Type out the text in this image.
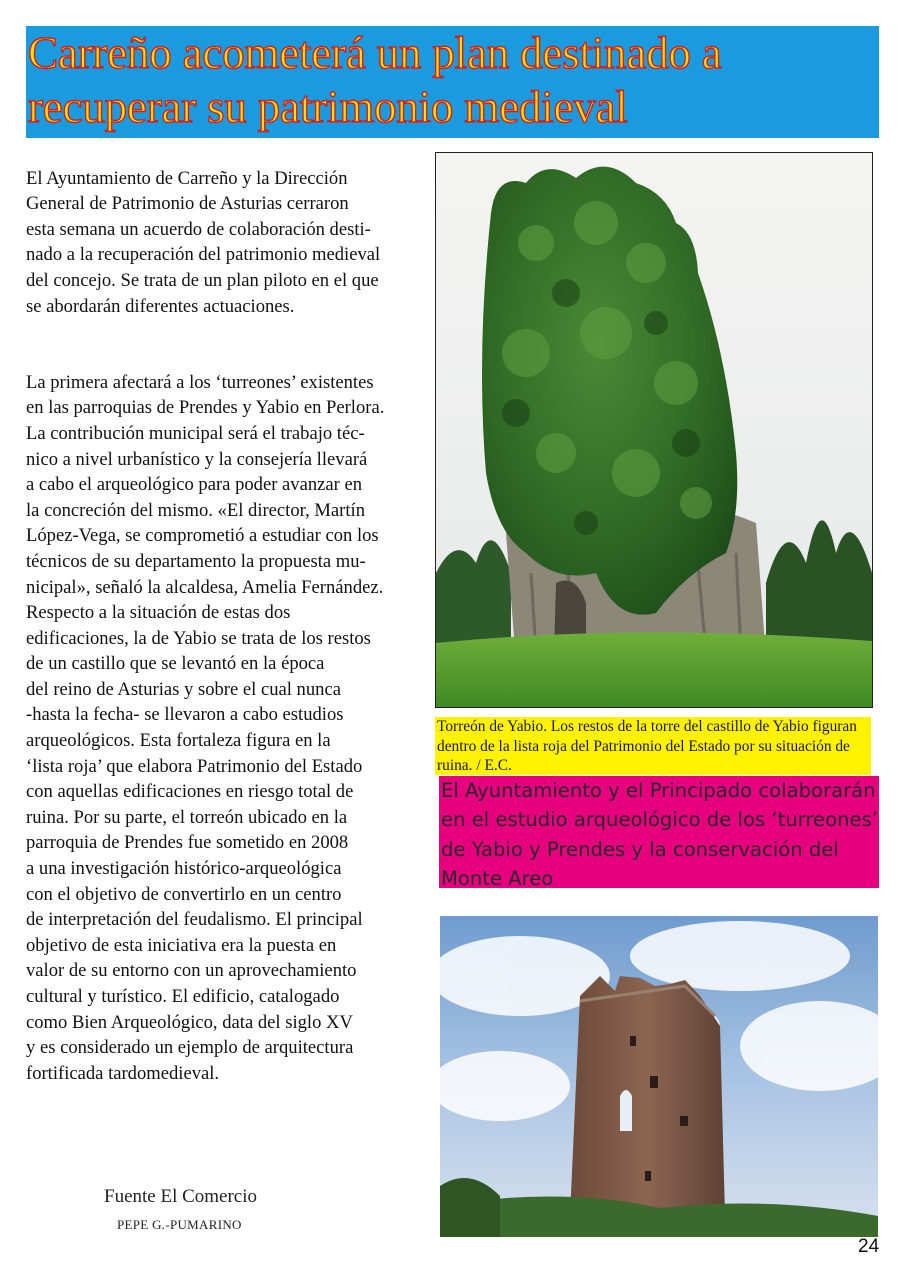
Carreño acometerá un plan destinado a
recuperar su patrimonio medieval

El Ayuntamiento de Carreño y la Dirección
General de Patrimonio de Asturias cerraron
esta semana un acuerdo de colaboración desti-
nado a la recuperación del patrimonio medieval
del concejo. Se trata de un plan piloto en el que
se abordarán diferentes actuaciones.

La primera afectará a los ‘turreones’ existentes
en las parroquias de Prendes y Yabio en Perlora.
La contribución municipal será el trabajo téc-
nico a nivel urbanístico y la consejería llevará
a cabo el arqueológico para poder avanzar en
la concreción del mismo. «El director, Martín
López-Vega, se comprometió a estudiar con los
técnicos de su departamento la propuesta mu-
nicipal», señaló la alcaldesa, Amelia Fernández.
Respecto a la situación de estas dos
edificaciones, la de Yabio se trata de los restos
de un castillo que se levantó en la época
del reino de Asturias y sobre el cual nunca
-hasta la fecha- se llevaron a cabo estudios
arqueológicos. Esta fortaleza figura en la
‘lista roja’ que elabora Patrimonio del Estado
con aquellas edificaciones en riesgo total de
ruina. Por su parte, el torreón ubicado en la
parroquia de Prendes fue sometido en 2008
a una investigación histórico-arqueológica
con el objetivo de convertirlo en un centro
de interpretación del feudalismo. El principal
objetivo de esta iniciativa era la puesta en
valor de su entorno con un aprovechamiento
cultural y turístico. El edificio, catalogado
como Bien Arqueológico, data del siglo XV
y es considerado un ejemplo de arquitectura
fortificada tardomedieval.

Torreón de Yabio. Los restos de la torre del castillo de Yabio figuran dentro de la lista roja del Patrimonio del Estado por su situación de ruina. / E.C.
El Ayuntamiento y el Principado colaborarán en el estudio arqueológico de los ‘turreones’ de Yabio y Prendes y la conservación del Monte Areo
Fuente El Comercio
PEPE G.-PUMARINO
24
